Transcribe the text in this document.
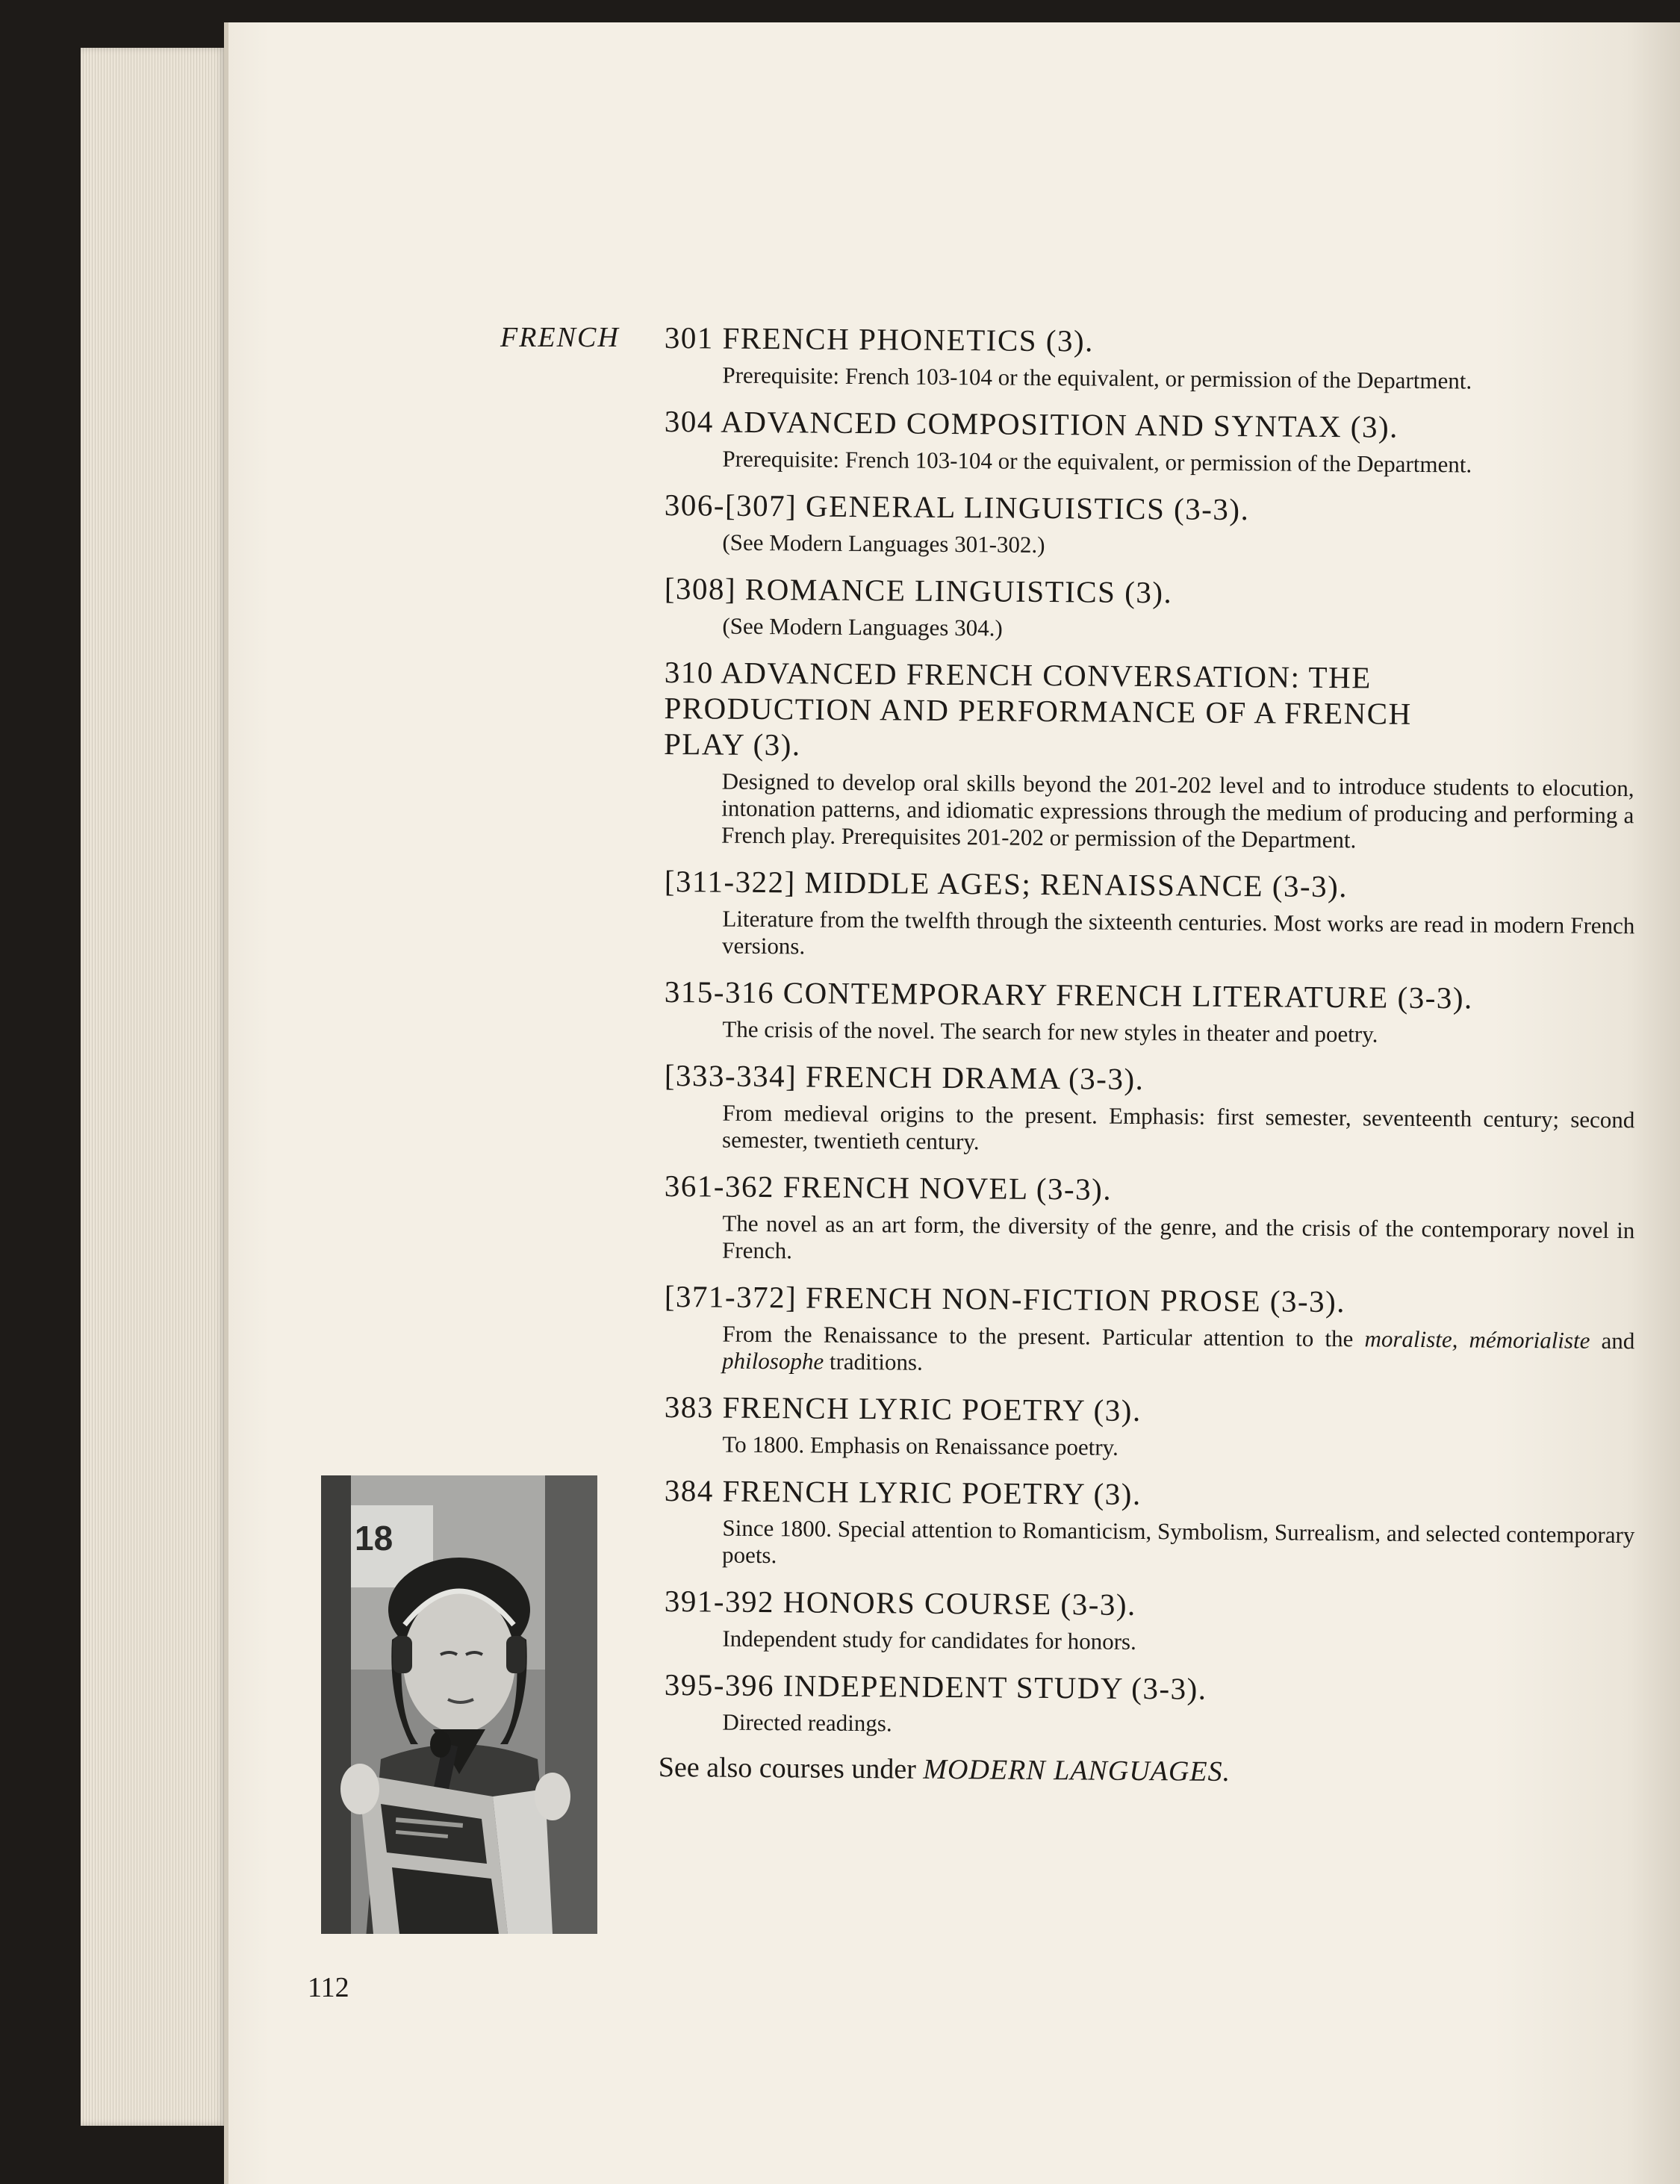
FRENCH 301 FRENCH PHONETICS (3).
Prerequisite: French 103-104 or the equivalent, or permission of the Department.
304 ADVANCED COMPOSITION AND SYNTAX (3).
Prerequisite: French 103-104 or the equivalent, or permission of the Department.
306-[307] GENERAL LINGUISTICS (3-3).
(See Modern Languages 301-302.)
[308] ROMANCE LINGUISTICS (3).
(See Modern Languages 304.)
310 ADVANCED FRENCH CONVERSATION: THE PRODUCTION AND PERFORMANCE OF A FRENCH PLAY (3).
Designed to develop oral skills beyond the 201-202 level and to introduce students to elocution, intonation patterns, and idiomatic expressions through the medium of producing and performing a French play. Prerequisites 201-202 or permission of the Department.
[311-322] MIDDLE AGES; RENAISSANCE (3-3).
Literature from the twelfth through the sixteenth centuries. Most works are read in modern French versions.
315-316 CONTEMPORARY FRENCH LITERATURE (3-3).
The crisis of the novel. The search for new styles in theater and poetry.
[333-334] FRENCH DRAMA (3-3).
From medieval origins to the present. Emphasis: first semester, seventeenth century; second semester, twentieth century.
361-362 FRENCH NOVEL (3-3).
The novel as an art form, the diversity of the genre, and the crisis of the contemporary novel in French.
[371-372] FRENCH NON-FICTION PROSE (3-3).
From the Renaissance to the present. Particular attention to the moraliste, mémorialiste and philosophe traditions.
383 FRENCH LYRIC POETRY (3).
To 1800. Emphasis on Renaissance poetry.
384 FRENCH LYRIC POETRY (3).
Since 1800. Special attention to Romanticism, Symbolism, Surrealism, and selected contemporary poets.
391-392 HONORS COURSE (3-3).
Independent study for candidates for honors.
395-396 INDEPENDENT STUDY (3-3).
Directed readings.
See also courses under MODERN LANGUAGES.
18
112
